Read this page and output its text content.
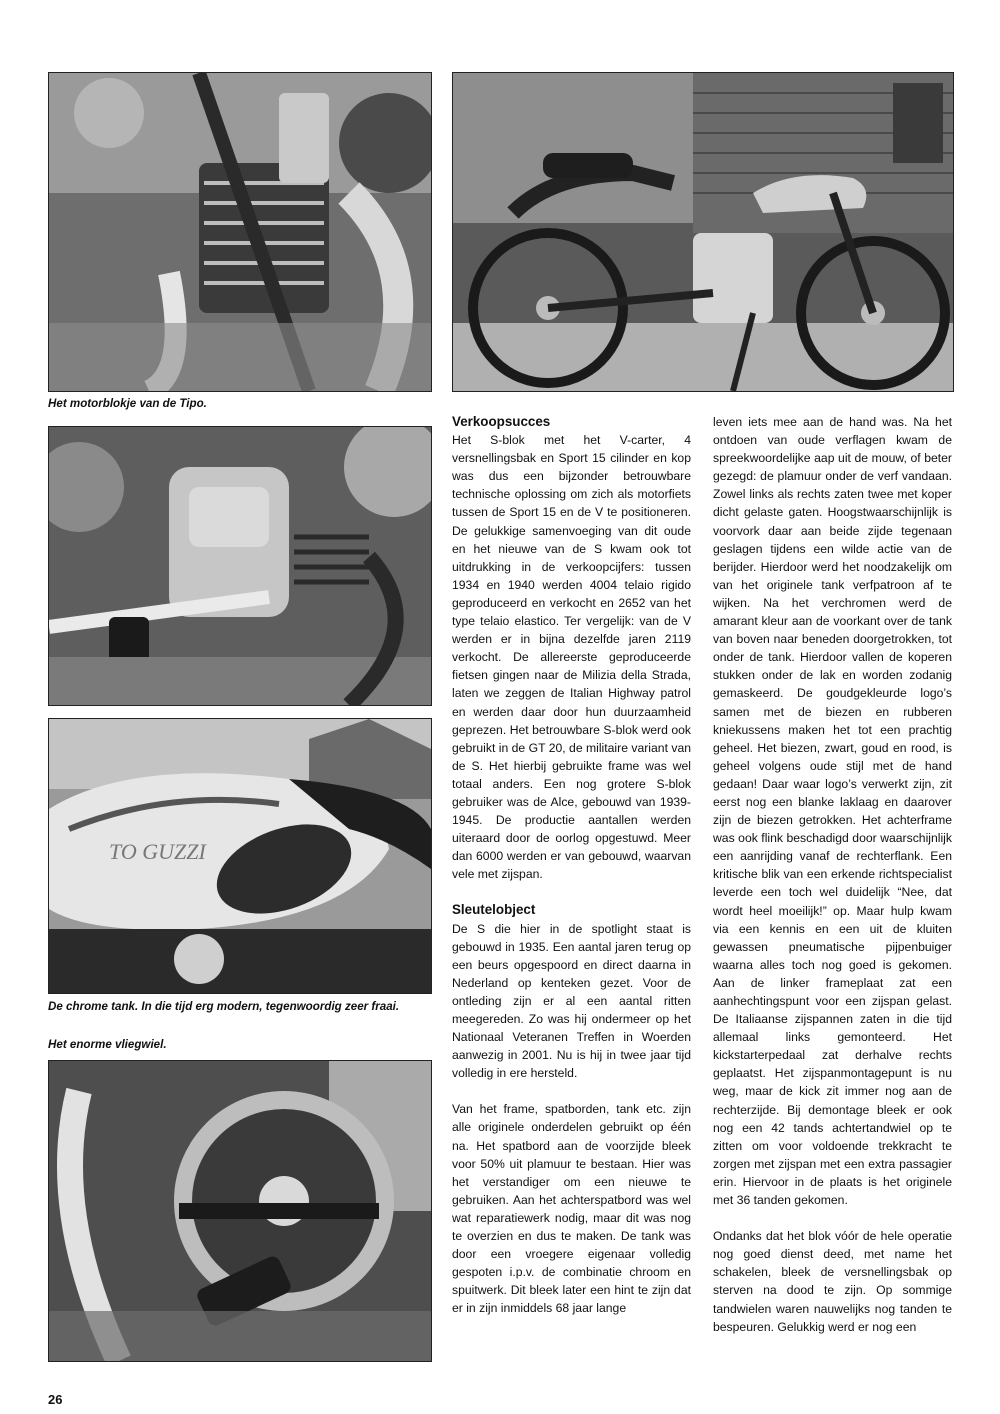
Het motorblokje van de Tipo.
TO GUZZI
De chrome tank. In die tijd erg modern, tegenwoordig zeer fraai.
Het enorme vliegwiel.
Verkoopsucces

Het S-blok met het V-carter, 4 versnellingsbak en Sport 15 cilinder en kop was dus een bijzonder betrouwbare technische oplossing om zich als motorfiets tussen de Sport 15 en de V te positioneren. De gelukkige samenvoeging van dit oude en het nieuwe van de S kwam ook tot uitdrukking in de verkoopcijfers: tussen 1934 en 1940 werden 4004 telaio rigido geproduceerd en verkocht en 2652 van het type telaio elastico. Ter vergelijk: van de V werden er in bijna dezelfde jaren 2119 verkocht. De allereerste geproduceerde fietsen gingen naar de Milizia della Strada, laten we zeggen de Italian Highway patrol en werden daar door hun duurzaamheid geprezen. Het betrouwbare S-blok werd ook gebruikt in de GT 20, de militaire variant van de S. Het hierbij gebruikte frame was wel totaal anders. Een nog grotere S-blok gebruiker was de Alce, gebouwd van 1939-1945. De productie aantallen werden uiteraard door de oorlog opgestuwd. Meer dan 6000 werden er van gebouwd, waarvan vele met zijspan.

Sleutelobject

De S die hier in de spotlight staat is gebouwd in 1935. Een aantal jaren terug op een beurs opgespoord en direct daarna in Nederland op kenteken gezet. Voor de ontleding zijn er al een aantal ritten meegereden. Zo was hij ondermeer op het Nationaal Veteranen Treffen in Woerden aanwezig in 2001. Nu is hij in twee jaar tijd volledig in ere hersteld.

Van het frame, spatborden, tank etc. zijn alle originele onderdelen gebruikt op één na. Het spatbord aan de voorzijde bleek voor 50% uit plamuur te bestaan. Hier was het verstandiger om een nieuwe te gebruiken. Aan het achterspatbord was wel wat reparatiewerk nodig, maar dit was nog te overzien en dus te maken. De tank was door een vroegere eigenaar volledig gespoten i.p.v. de combinatie chroom en spuitwerk. Dit bleek later een hint te zijn dat er in zijn inmiddels 68 jaar lange

leven iets mee aan de hand was. Na het ontdoen van oude verflagen kwam de spreekwoordelijke aap uit de mouw, of beter gezegd: de plamuur onder de verf vandaan. Zowel links als rechts zaten twee met koper dicht gelaste gaten. Hoogstwaarschijnlijk is voorvork daar aan beide zijde tegenaan geslagen tijdens een wilde actie van de berijder. Hierdoor werd het noodzakelijk om van het originele tank verfpatroon af te wijken. Na het verchromen werd de amarant kleur aan de voorkant over de tank van boven naar beneden doorgetrokken, tot onder de tank. Hierdoor vallen de koperen stukken onder de lak en worden zodanig gemaskeerd. De goudgekleurde logo’s samen met de biezen en rubberen kniekussens maken het tot een prachtig geheel. Het biezen, zwart, goud en rood, is geheel volgens oude stijl met de hand gedaan! Daar waar logo’s verwerkt zijn, zit eerst nog een blanke laklaag en daarover zijn de biezen getrokken. Het achterframe was ook flink beschadigd door waarschijnlijk een aanrijding vanaf de rechterflank. Een kritische blik van een erkende richtspecialist leverde een toch wel duidelijk “Nee, dat wordt heel moeilijk!” op. Maar hulp kwam via een kennis en een uit de kluiten gewassen pneumatische pijpenbuiger waarna alles toch nog goed is gekomen. Aan de linker frameplaat zat een aanhechtingspunt voor een zijspan gelast. De Italiaanse zijspannen zaten in die tijd allemaal links gemonteerd. Het kickstarterpedaal zat derhalve rechts geplaatst. Het zijspanmontagepunt is nu weg, maar de kick zit immer nog aan de rechterzijde. Bij demontage bleek er ook nog een 42 tands achtertandwiel op te zitten om voor voldoende trekkracht te zorgen met zijspan met een extra passagier erin. Hiervoor in de plaats is het originele met 36 tanden gekomen.

Ondanks dat het blok vóór de hele operatie nog goed dienst deed, met name het schakelen, bleek de versnellingsbak op sterven na dood te zijn. Op sommige tandwielen waren nauwelijks nog tanden te bespeuren. Gelukkig werd er nog een

26
